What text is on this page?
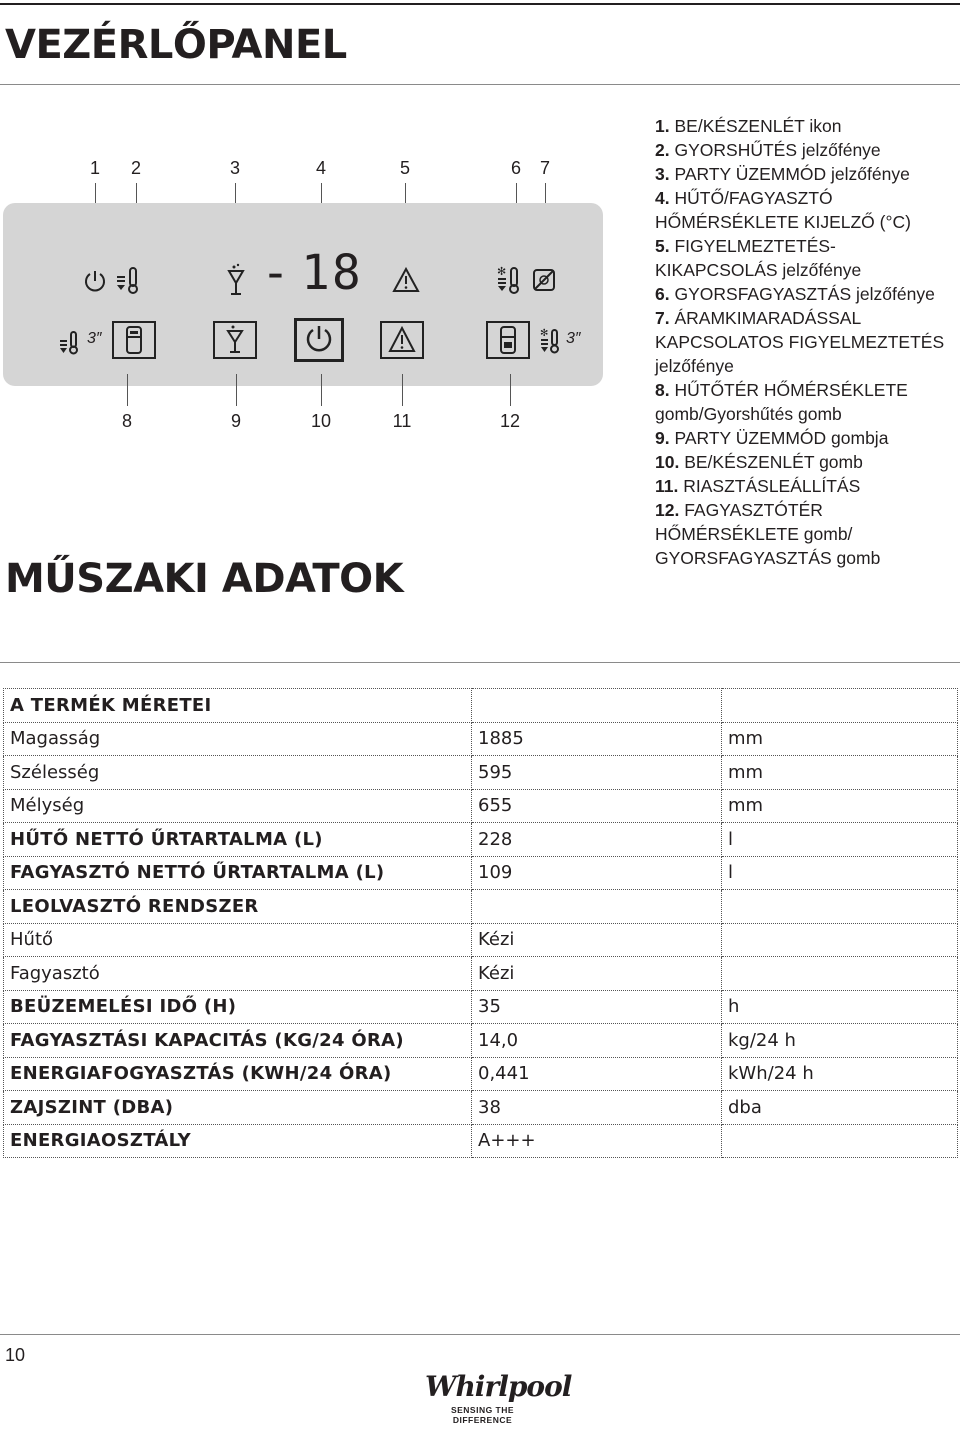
VEZÉRLŐPANEL
1	2	3	4	5	6	7
- 18	✻
3″	✻ 3″
8	9	10	11	12
1. BE/KÉSZENLÉT ikon
2. GYORSHŰTÉS jelzőfénye
3. PARTY ÜZEMMÓD jelzőfénye
4. HŰTŐ/FAGYASZTÓ HŐMÉRSÉKLETE KIJELZŐ (°C)
5. FIGYELMEZTETÉS-KIKAPCSOLÁS jelzőfénye
6. GYORSFAGYASZTÁS jelzőfénye
7. ÁRAMKIMARADÁSSAL KAPCSOLATOS FIGYELMEZTETÉS jelzőfénye
8. HŰTŐTÉR HŐMÉRSÉKLETE gomb/Gyorshűtés gomb
9. PARTY ÜZEMMÓD gombja
10. BE/KÉSZENLÉT gomb
11. RIASZTÁSLEÁLLÍTÁS
12. FAGYASZTÓTÉR HŐMÉRSÉKLETE gomb/ GYORSFAGYASZTÁS gomb
MŰSZAKI ADATOK
A TERMÉK MÉRETEI		
Magasság	1885	mm
Szélesség	595	mm
Mélység	655	mm
HŰTŐ NETTÓ ŰRTARTALMA (L)	228	l
FAGYASZTÓ NETTÓ ŰRTARTALMA (L)	109	l
LEOLVASZTÓ RENDSZER		
Hűtő	Kézi	
Fagyasztó	Kézi	
BEÜZEMELÉSI IDŐ (H)	35	h
FAGYASZTÁSI KAPACITÁS (KG/24 ÓRA)	14,0	kg/24 h
ENERGIAFOGYASZTÁS (KWH/24 ÓRA)	0,441	kWh/24 h
ZAJSZINT (DBA)	38	dba
ENERGIAOSZTÁLY	A+++	
10
Whirlpool
SENSING THE DIFFERENCE
